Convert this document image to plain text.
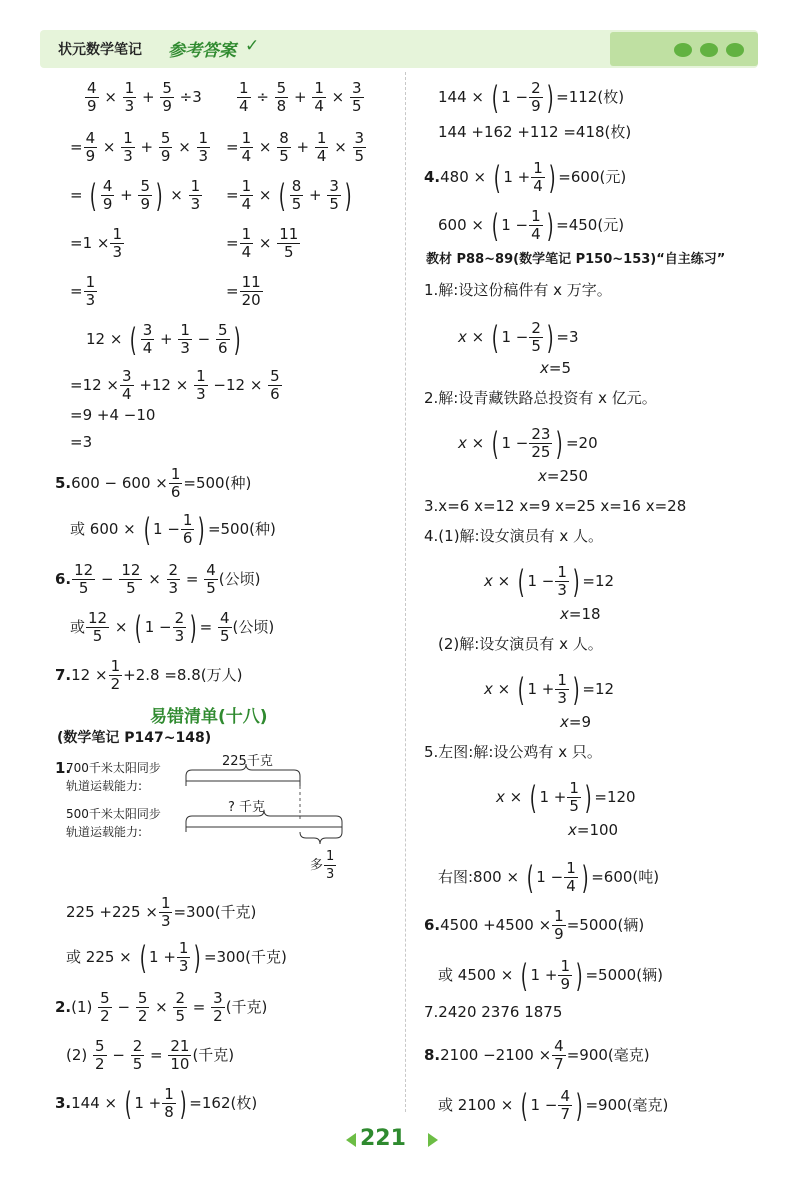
状元数学笔记 参考答案 ✓
$\frac{4}{9} \times \frac{1}{3} + \frac{5}{9} \div 3 \frac{1}{4} \div \frac{5}{8} + \frac{1}{4} \times \frac{3}{5}$
= $\frac{4}{9} \times \frac{1}{3} + \frac{5}{9} \times \frac{1}{3} = \frac{1}{4} \times \frac{8}{5} + \frac{1}{4} \times \frac{3}{5}$
= ( $\frac{4}{9} + \frac{5}{9}$ ) × $\frac{1}{3} = \frac{1}{4}$ × ( $\frac{8}{5} + \frac{3}{5}$ )
$=1 \times \frac{1}{3}$	= $\frac{1}{4} \times \frac{11}{5}$
= $\frac{1}{3}$	= $\frac{11}{20}$
12 × ( $\frac{3}{4} + \frac{1}{3} - \frac{5}{6}$ )
$=12 \times \frac{3}{4} +12 \times \frac{1}{3} -12 \times \frac{5}{6}$
=9 +4 −10
=3
$5.600 - 600 \times \frac{1}{6} =500$(种)
或 600 × ( $1 - \frac{1}{6}$ ) =500(种)
6. $\frac{12}{5} - \frac{12}{5} \times \frac{2}{3} = \frac{4}{5}$ (公顷)
或 $\frac{12}{5}$ × ( $1 - \frac{2}{3}$ ) = $\frac{4}{5}$ (公顷)
$7.12 \times \frac{1}{2} +2.8 =8.8$(万人)
易错清单(十八)
(数学笔记 P147~148)
1.
700千米太阳同步
轨道运载能力:
500千米太阳同步
轨道运载能力:
225千克
? 千克
多 $\frac{1}{3}$
$225 +225 \times \frac{1}{3} =300$(千克)
或 225 × ( $1 + \frac{1}{3}$ ) =300(千克)
$2.(1) \frac{5}{2} - \frac{5}{2} \times \frac{2}{5} = \frac{3}{2}$ (千克)
$(2) \frac{5}{2} - \frac{2}{5} = \frac{21}{10}$ (千克)
3.144 × ( $1 + \frac{1}{8}$ ) =162(枚)
144 × ( $1 - \frac{2}{9}$ ) =112(枚)
144 +162 +112 =418(枚)
4.480 × ( $1 + \frac{1}{4}$ ) =600(元)
600 × ( $1 - \frac{1}{4}$ ) =450(元)
教材 P88~89(数学笔记 P150~153)“自主练习”
1.解:设这份稿件有 x 万字。
x × ( $1 - \frac{2}{5}$ ) =3
x=5
2.解:设青藏铁路总投资有 x 亿元。
x × ( $1 - \frac{23}{25}$ ) =20
x=250
3.x=6 x=12 x=9 x=25 x=16 x=28
4.(1)解:设女演员有 x 人。
x × ( $1 - \frac{1}{3}$ ) =12
x=18
(2)解:设女演员有 x 人。
x × ( $1 + \frac{1}{3}$ ) =12
x=9
5.左图:解:设公鸡有 x 只。
x × ( $1 + \frac{1}{5}$ ) =120
x=100
右图:800 × ( $1 - \frac{1}{4}$ ) =600(吨)
$6.4500 +4500 \times \frac{1}{9} =5000$(辆)
或 4500 × ( $1 + \frac{1}{9}$ ) =5000(辆)
7.2420 2376 1875
$8.2100 -2100 \times \frac{4}{7} =900$(毫克)
或 2100 × ( $1 - \frac{4}{7}$ ) =900(毫克)
221
